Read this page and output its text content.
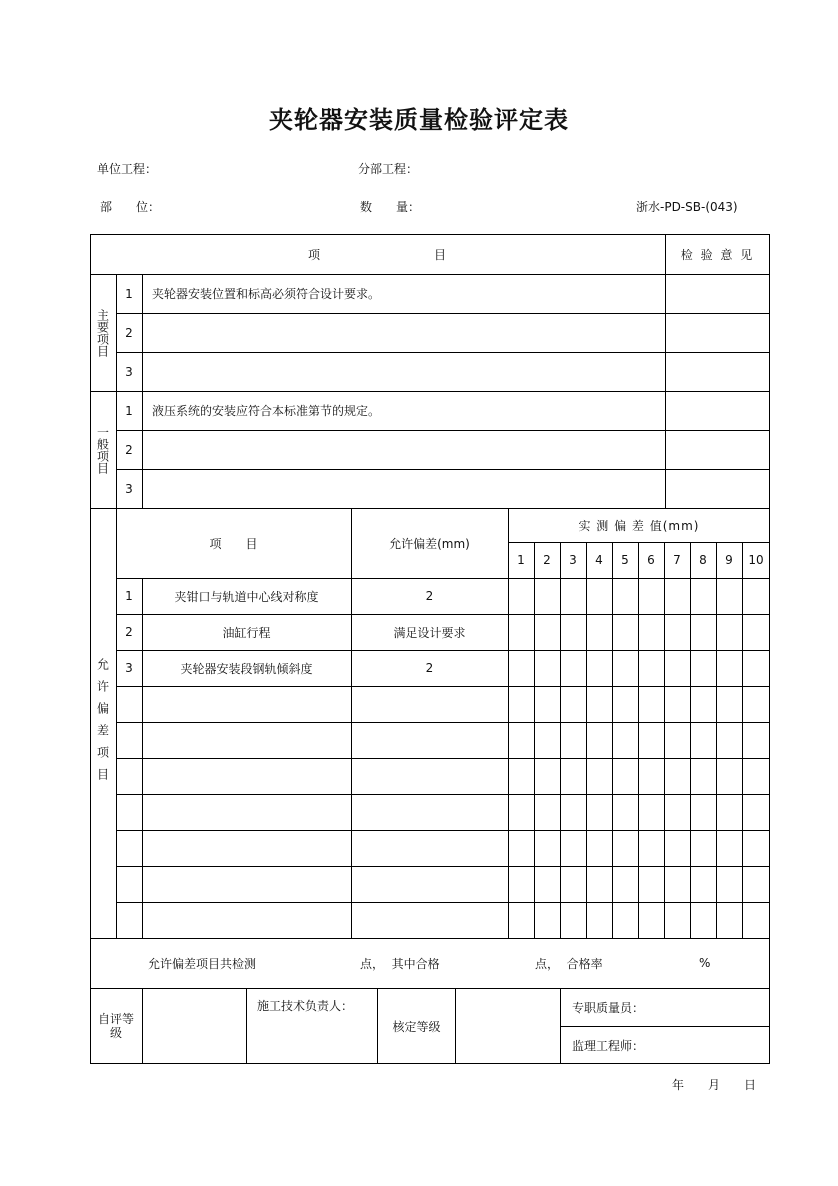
夹轮器安装质量检验评定表
单位工程：	分部工程：
部　　位：	数　　量：	浙水-PD-SB-(043)
项	目	检 验 意 见
主要项目
1	夹轮器安装位置和标高必须符合设计要求。
2
3
一般项目
1	液压系统的安装应符合本标准第节的规定。
2
3
允许偏差项目
项　　目	允许偏差(mm)
实 测 偏 差 值(mm)
1	2	3	4	5	6	7	8	9	10
1	夹钳口与轨道中心线对称度	2
2	油缸行程	满足设计要求
3	夹轮器安装段钢轨倾斜度	2
允许偏差项目共检测	点，  其中合格	点，  合格率	%
自评等级
施工技术负责人：
核定等级
专职质量员：
监理工程师：
年　　月　　日
